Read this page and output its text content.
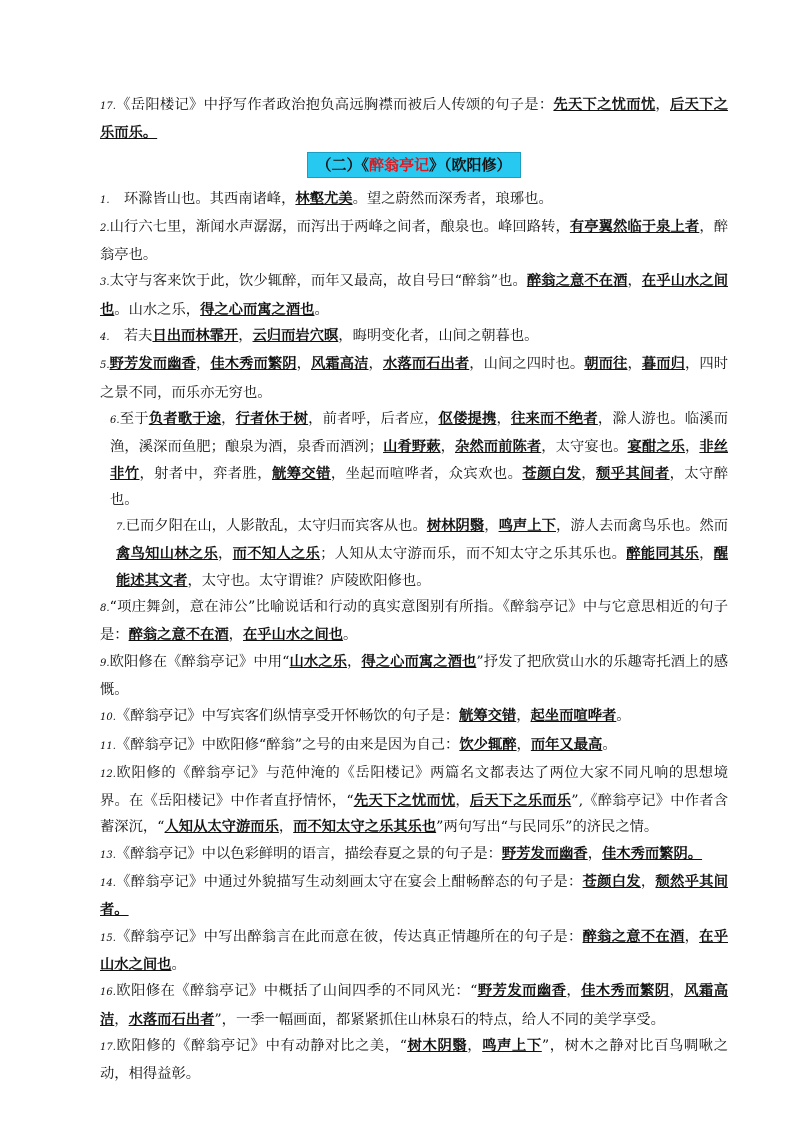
17.《岳阳楼记》中抒写作者政治抱负高远胸襟而被后人传颂的句子是：先天下之忧而忧，后天下之乐而乐。

（二）《醉翁亭记》（欧阳修）

1.　环滁皆山也。其西南诸峰，林壑尤美。望之蔚然而深秀者，琅琊也。

2.山行六七里，渐闻水声潺潺，而泻出于两峰之间者，酿泉也。峰回路转，有亭翼然临于泉上者，醉翁亭也。

3.太守与客来饮于此，饮少辄醉，而年又最高，故自号曰“醉翁”也。醉翁之意不在酒，在乎山水之间也。山水之乐，得之心而寓之酒也。

4.　若夫日出而林霏开，云归而岩穴暝，晦明变化者，山间之朝暮也。

5.野芳发而幽香，佳木秀而繁阴，风霜高洁，水落而石出者，山间之四时也。朝而往，暮而归，四时之景不同，而乐亦无穷也。

6.至于负者歌于途，行者休于树，前者呼，后者应，伛偻提携，往来而不绝者，滁人游也。临溪而渔，溪深而鱼肥；酿泉为酒，泉香而酒洌；山肴野蔌，杂然而前陈者，太守宴也。宴酣之乐，非丝非竹，射者中，弈者胜，觥筹交错，坐起而喧哗者，众宾欢也。苍颜白发，颓乎其间者，太守醉也。

7.已而夕阳在山，人影散乱，太守归而宾客从也。树林阴翳，鸣声上下，游人去而禽鸟乐也。然而禽鸟知山林之乐，而不知人之乐；人知从太守游而乐，而不知太守之乐其乐也。醉能同其乐，醒能述其文者，太守也。太守谓谁？庐陵欧阳修也。

8.“项庄舞剑，意在沛公”比喻说话和行动的真实意图别有所指。《醉翁亭记》中与它意思相近的句子是：醉翁之意不在酒，在乎山水之间也。

9.欧阳修在《醉翁亭记》中用“山水之乐，得之心而寓之酒也”抒发了把欣赏山水的乐趣寄托酒上的感慨。

10.《醉翁亭记》中写宾客们纵情享受开怀畅饮的句子是：觥筹交错，起坐而喧哗者。

11.《醉翁亭记》中欧阳修“醉翁”之号的由来是因为自己：饮少辄醉，而年又最高。

12.欧阳修的《醉翁亭记》与范仲淹的《岳阳楼记》两篇名文都表达了两位大家不同凡响的思想境界。在《岳阳楼记》中作者直抒情怀，“先天下之忧而忧，后天下之乐而乐”,《醉翁亭记》中作者含蓄深沉，“人知从太守游而乐，而不知太守之乐其乐也”两句写出“与民同乐”的济民之情。

13.《醉翁亭记》中以色彩鲜明的语言，描绘春夏之景的句子是：野芳发而幽香，佳木秀而繁阴。

14.《醉翁亭记》中通过外貌描写生动刻画太守在宴会上酣畅醉态的句子是：苍颜白发，颓然乎其间者。

15.《醉翁亭记》中写出醉翁言在此而意在彼，传达真正情趣所在的句子是：醉翁之意不在酒，在乎山水之间也。

16.欧阳修在《醉翁亭记》中概括了山间四季的不同风光：“野芳发而幽香，佳木秀而繁阴，风霜高洁，水落而石出者”，一季一幅画面，都紧紧抓住山林泉石的特点，给人不同的美学享受。

17.欧阳修的《醉翁亭记》中有动静对比之美，“树木阴翳，鸣声上下”，树木之静对比百鸟啁啾之动，相得益彰。
